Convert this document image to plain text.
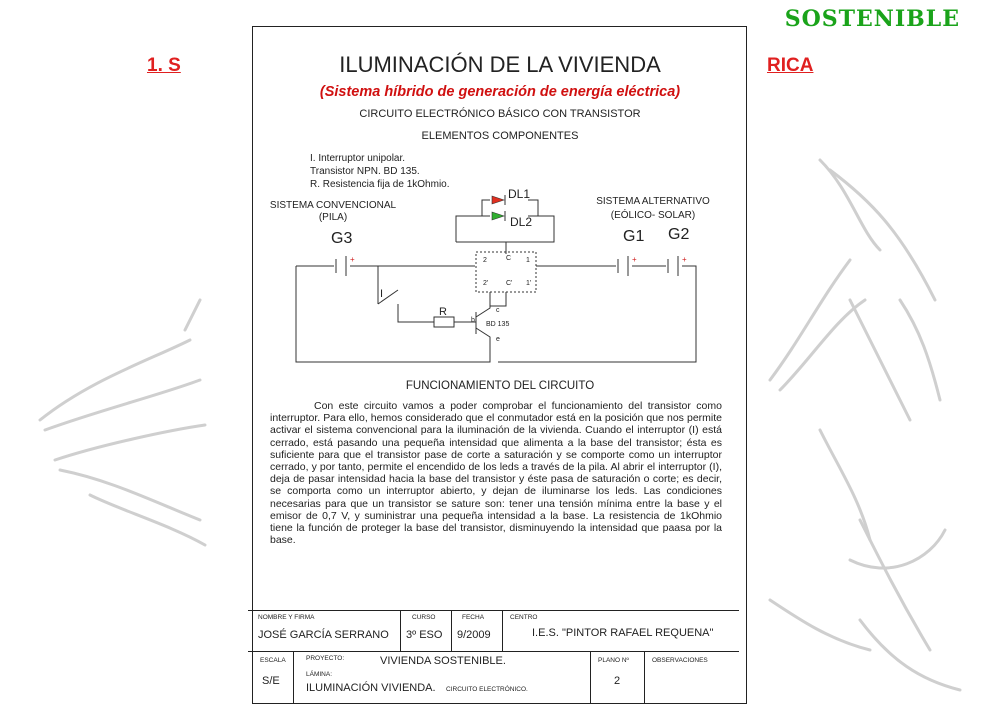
SOSTENIBLE
1. S	RICA
ILUMINACIÓN DE LA VIVIENDA
(Sistema híbrido de generación de energía eléctrica)
CIRCUITO ELECTRÓNICO BÁSICO CON TRANSISTOR
ELEMENTOS COMPONENTES
I. Interruptor unipolar.
Transistor NPN. BD 135.
R. Resistencia fija de 1kOhmio.
SISTEMA CONVENCIONAL
(PILA)
SISTEMA ALTERNATIVO
(EÓLICO- SOLAR)
G3	G1 G2
DL1
DL2
I
R
BD 135
b
c
e
2	C 1
2'	C' 1'
+	+	+
FUNCIONAMIENTO DEL CIRCUITO
Con este circuito vamos a poder comprobar el funcionamiento del transistor como interruptor. Para ello, hemos considerado que el conmutador está en la posición que nos permite activar el sistema convencional para la iluminación de la vivienda. Cuando el interruptor (I) está cerrado, está pasando una pequeña intensidad que alimenta a la base del transistor; ésta es suficiente para que el transistor pase de corte a saturación y se comporte como un interruptor cerrado, y por tanto, permite el encendido de los leds a través de la pila. Al abrir el interruptor (I), deja de pasar intensidad hacia la base del transistor y éste pasa de saturación o corte; es decir, se comporta como un interruptor abierto, y dejan de iluminarse los leds. Las condiciones necesarias para que un transistor se sature son: tener una tensión mínima entre la base y el emisor de 0,7 V, y suministrar una pequeña intensidad a la base. La resistencia de 1kOhmio tiene la función de proteger la base del transistor, disminuyendo la intensidad que paasa por la base.
NOMBRE Y FIRMA
JOSÉ GARCÍA SERRANO
CURSO
3º ESO
FECHA
9/2009
CENTRO
I.E.S. "PINTOR RAFAEL REQUENA"
ESCALA
S/E
PROYECTO:	VIVIENDA SOSTENIBLE.
LÁMINA:
ILUMINACIÓN VIVIENDA. CIRCUITO ELECTRÓNICO.
PLANO Nº
2
OBSERVACIONES
